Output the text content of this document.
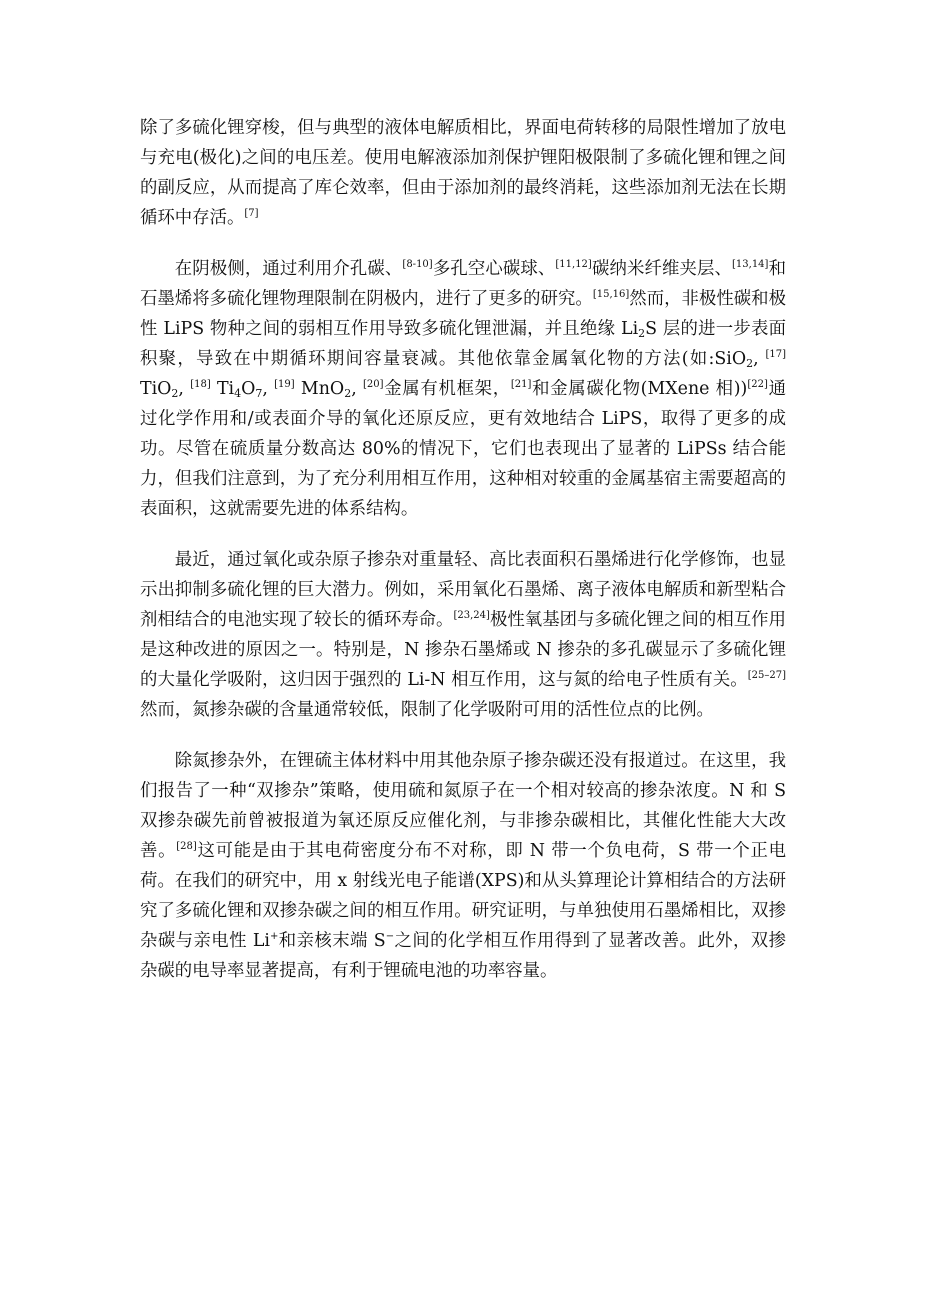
除了多硫化锂穿梭，但与典型的液体电解质相比，界面电荷转移的局限性增加了放电与充电(极化)之间的电压差。使用电解液添加剂保护锂阳极限制了多硫化锂和锂之间的副反应，从而提高了库仑效率，但由于添加剂的最终消耗，这些添加剂无法在长期循环中存活。[7]

在阴极侧，通过利用介孔碳、[8-10]多孔空心碳球、[11,12]碳纳米纤维夹层、[13,14]和石墨烯将多硫化锂物理限制在阴极内，进行了更多的研究。[15,16]然而，非极性碳和极性 LiPS 物种之间的弱相互作用导致多硫化锂泄漏，并且绝缘 $Li_2S$ 层的进一步表面积聚，导致在中期循环期间容量衰减。其他依靠金属氧化物的方法(如:SiO$_2$, [17] TiO$_2$, [18] $Ti_4O_7$, [19] MnO$_2$, [20]金属有机框架，[21]和金属碳化物(MXene 相))[22]通过化学作用和/或表面介导的氧化还原反应，更有效地结合 LiPS，取得了更多的成功。尽管在硫质量分数高达 80%的情况下，它们也表现出了显著的 LiPSs 结合能力，但我们注意到，为了充分利用相互作用，这种相对较重的金属基宿主需要超高的表面积，这就需要先进的体系结构。

最近，通过氧化或杂原子掺杂对重量轻、高比表面积石墨烯进行化学修饰，也显示出抑制多硫化锂的巨大潜力。例如，采用氧化石墨烯、离子液体电解质和新型粘合剂相结合的电池实现了较长的循环寿命。[23,24]极性氧基团与多硫化锂之间的相互作用是这种改进的原因之一。特别是，N 掺杂石墨烯或 N 掺杂的多孔碳显示了多硫化锂的大量化学吸附，这归因于强烈的 Li-N 相互作用，这与氮的给电子性质有关。[25–27]然而，氮掺杂碳的含量通常较低，限制了化学吸附可用的活性位点的比例。

除氮掺杂外，在锂硫主体材料中用其他杂原子掺杂碳还没有报道过。在这里，我们报告了一种“双掺杂”策略，使用硫和氮原子在一个相对较高的掺杂浓度。N 和 S 双掺杂碳先前曾被报道为氧还原反应催化剂，与非掺杂碳相比，其催化性能大大改善。[28]这可能是由于其电荷密度分布不对称，即 N 带一个负电荷，S 带一个正电荷。在我们的研究中，用 x 射线光电子能谱(XPS)和从头算理论计算相结合的方法研究了多硫化锂和双掺杂碳之间的相互作用。研究证明，与单独使用石墨烯相比，双掺杂碳与亲电性 Li+和亲核末端 S−之间的化学相互作用得到了显著改善。此外，双掺杂碳的电导率显著提高，有利于锂硫电池的功率容量。
